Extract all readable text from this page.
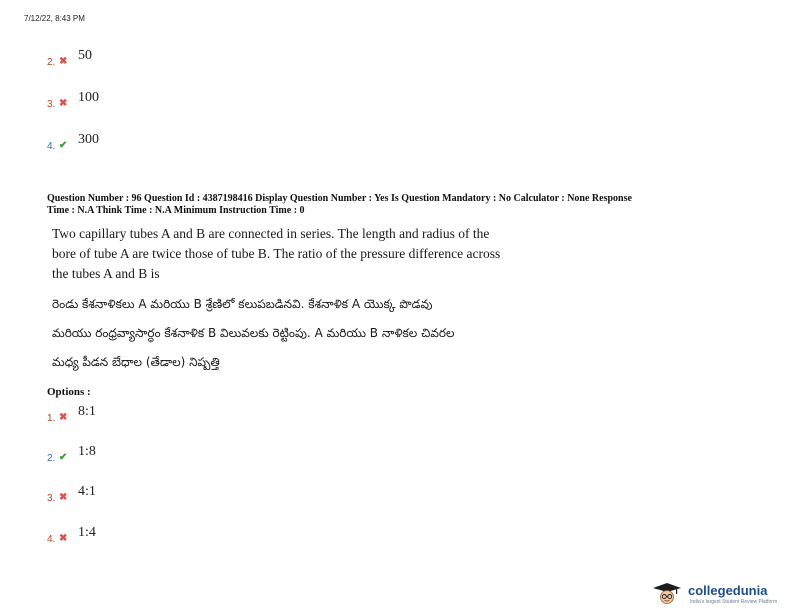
7/12/22, 8:43 PM
2. ✖ 50
3. ✖ 100
4. ✔ 300
Question Number : 96 Question Id : 4387198416 Display Question Number : Yes Is Question Mandatory : No Calculator : None Response
Time : N.A Think Time : N.A Minimum Instruction Time : 0
Two capillary tubes A and B are connected in series. The length and radius of the
bore of tube A are twice those of tube B. The ratio of the pressure difference across
the tubes A and B is
రెండు కేశనాళికలు A మరియు B శ్రేణిలో కలుపబడినవి. కేశనాళిక A యొక్క పొడవు
మరియు రంధ్రవ్యాసార్ధం కేశనాళిక B విలువలకు రెట్టింపు. A మరియు B నాళికల చివరల
మధ్య పీడన బేధాల (తేడాల) నిష్పత్తి
Options :
1. ✖ 8:1
2. ✔ 1:8
3. ✖ 4:1
4. ✖ 1:4
collegedunia
India's largest Student Review Platform
